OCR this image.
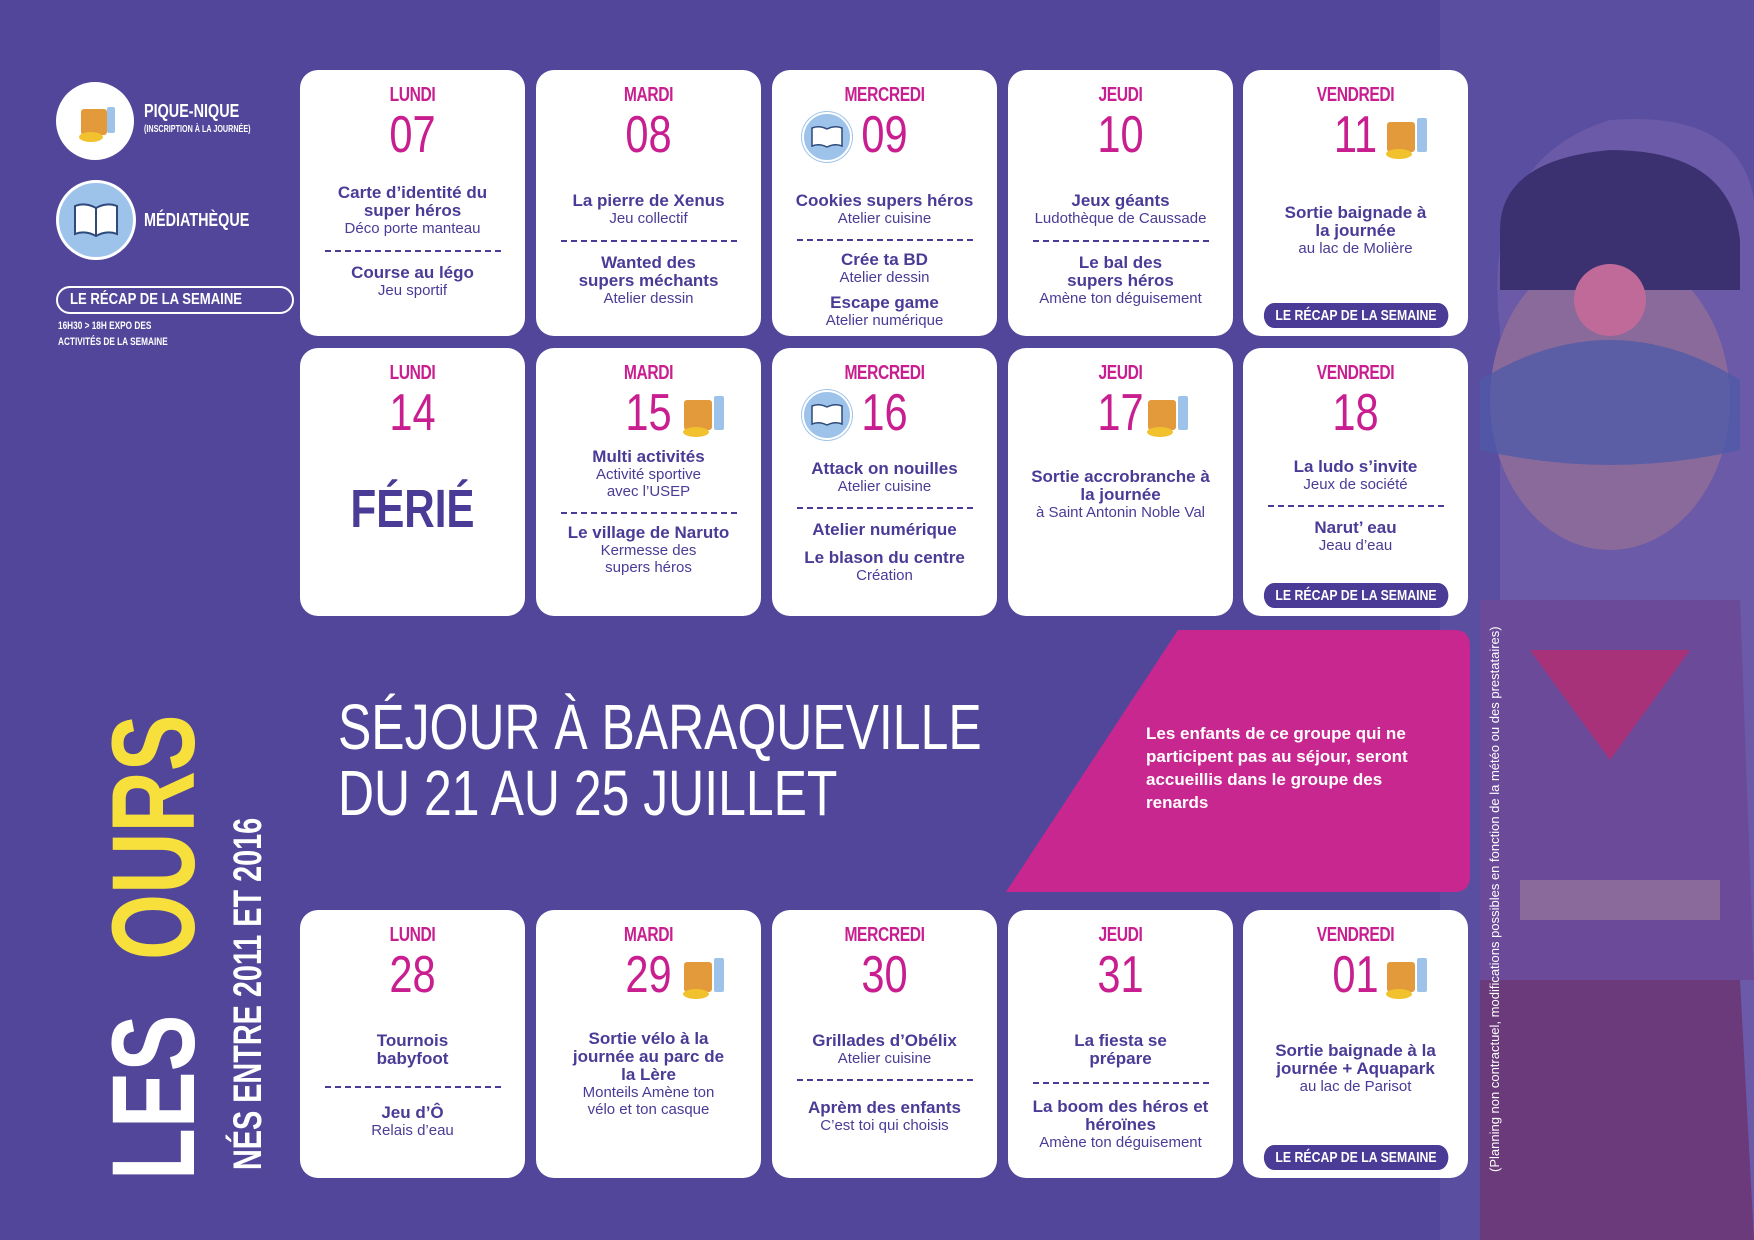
PIQUE-NIQUE
(INSCRIPTION À LA JOURNÉE)
MÉDIATHÈQUE
LE RÉCAP DE LA SEMAINE
16H30 > 18H EXPO DES
ACTIVITÉS DE LA SEMAINE
LES
OURS NÉS ENTRE 2011 ET 2016
SÉJOUR À BARAQUEVILLE
DU 21 AU 25 JUILLET
Les enfants de ce groupe qui ne participent pas au séjour, seront accueillis dans le groupe des renards	(Planning non contractuel, modifications possibles en fonction de la météo ou des prestataires)
LUNDI
07
Carte d’identité du super héros
Déco porte manteau
Course au légo
Jeu sportif
MARDI
08
La pierre de Xenus
Jeu collectif
Wanted des supers méchants
Atelier dessin
MERCREDI
09
Cookies supers héros
Atelier cuisine
Crée ta BD
Atelier dessin
Escape game
Atelier numérique
JEUDI
10
Jeux géants
Ludothèque de Caussade
Le bal des supers héros
Amène ton déguisement
VENDREDI
11
Sortie baignade à la journée
au lac de Molière
LE RÉCAP DE LA SEMAINE
LUNDI
14
FÉRIÉ
MARDI
15
Multi activités
Activité sportive avec l’USEP
Le village de Naruto
Kermesse des supers héros
MERCREDI
16
Attack on nouilles
Atelier cuisine
Atelier numérique
Le blason du centre
Création
JEUDI
17
Sortie accrobranche à la journée
à Saint Antonin Noble Val
VENDREDI
18
La ludo s’invite
Jeux de société
Narut’ eau
Jeau d’eau
LE RÉCAP DE LA SEMAINE
LUNDI
28
Tournois babyfoot
Jeu d’Ô
Relais d’eau
MARDI
29
Sortie vélo à la journée au parc de la Lère
Monteils Amène ton vélo et ton casque
MERCREDI
30
Grillades d’Obélix
Atelier cuisine
Aprèm des enfants
C’est toi qui choisis
JEUDI
31
La fiesta se prépare
La boom des héros et héroïnes
Amène ton déguisement
VENDREDI
01
Sortie baignade à la journée + Aquapark
au lac de Parisot
LE RÉCAP DE LA SEMAINE
